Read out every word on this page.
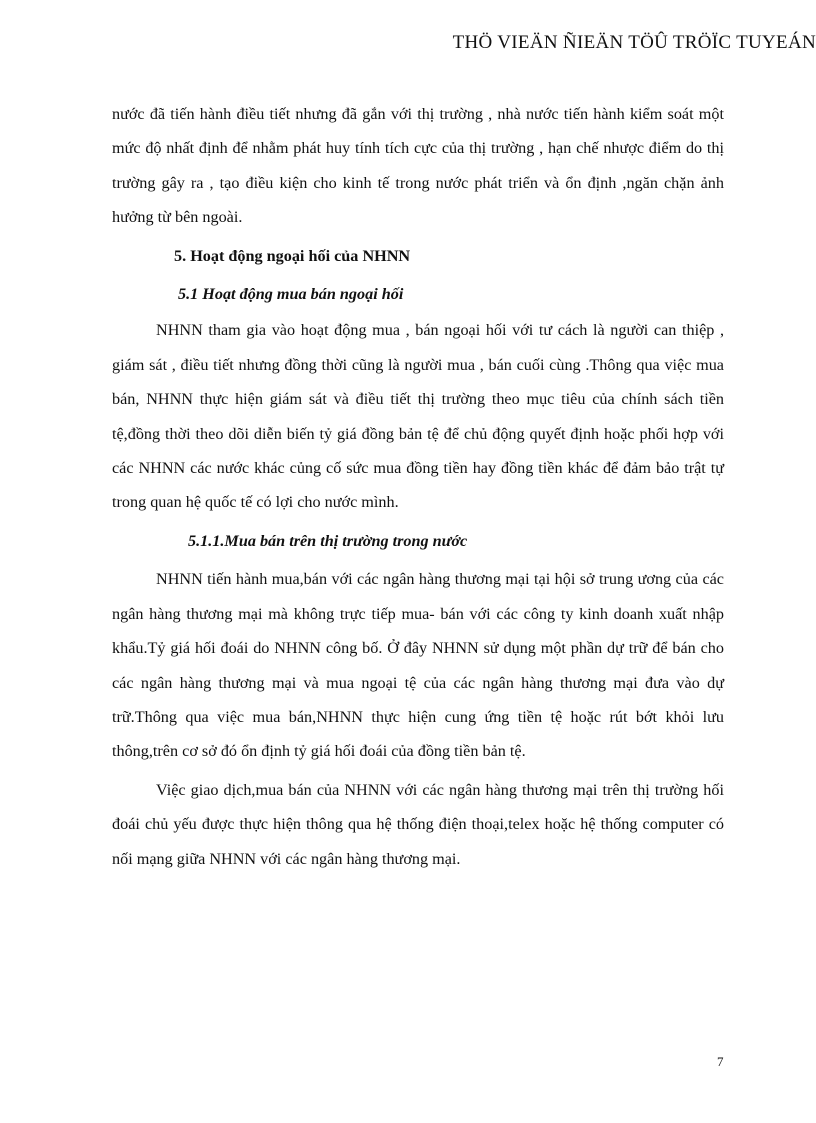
THÖ VIEÄN ÑIEÄN TÖÛ TRÖÏC TUYEÁN

nước đã tiến hành điều tiết nhưng đã gắn với thị trường , nhà nước tiến hành kiểm soát một mức độ nhất định để nhằm phát huy tính tích cực của thị trường , hạn chế nhược điểm do thị trường gây ra , tạo điều kiện cho kinh tế trong nước phát triển và ổn định ,ngăn chặn ảnh hưởng từ bên ngoài.

5. Hoạt động ngoại hối của NHNN

5.1 Hoạt động mua bán ngoại hối

NHNN tham gia vào hoạt động mua , bán ngoại hối với tư cách là người can thiệp , giám sát , điều tiết nhưng đồng thời cũng là người mua , bán cuối cùng .Thông qua việc mua bán, NHNN thực hiện giám sát và điều tiết thị trường theo mục tiêu của chính sách tiền tệ,đồng thời theo dõi diễn biến tỷ giá đồng bản tệ để chủ động quyết định hoặc phối hợp với các NHNN các nước khác củng cố sức mua đồng tiền hay đồng tiền khác để đảm bảo trật tự trong quan hệ quốc tế có lợi cho nước mình.

5.1.1.Mua bán trên thị trường trong nước

NHNN tiến hành mua,bán với các ngân hàng thương mại tại hội sở trung ương của các ngân hàng thương mại mà không trực tiếp mua- bán với các công ty kinh doanh xuất nhập khẩu.Tỷ giá hối đoái do NHNN công bố. Ở đây NHNN sử dụng một phần dự trữ để bán cho các ngân hàng thương mại và mua ngoại tệ của các ngân hàng thương mại đưa vào dự trữ.Thông qua việc mua bán,NHNN thực hiện cung ứng tiền tệ hoặc rút bớt khỏi lưu thông,trên cơ sở đó ổn định tỷ giá hối đoái của đồng tiền bản tệ.

Việc giao dịch,mua bán của NHNN với các ngân hàng thương mại trên thị trường hối đoái chủ yếu được thực hiện thông qua hệ thống điện thoại,telex hoặc hệ thống computer có nối mạng giữa NHNN với các ngân hàng thương mại.

7
